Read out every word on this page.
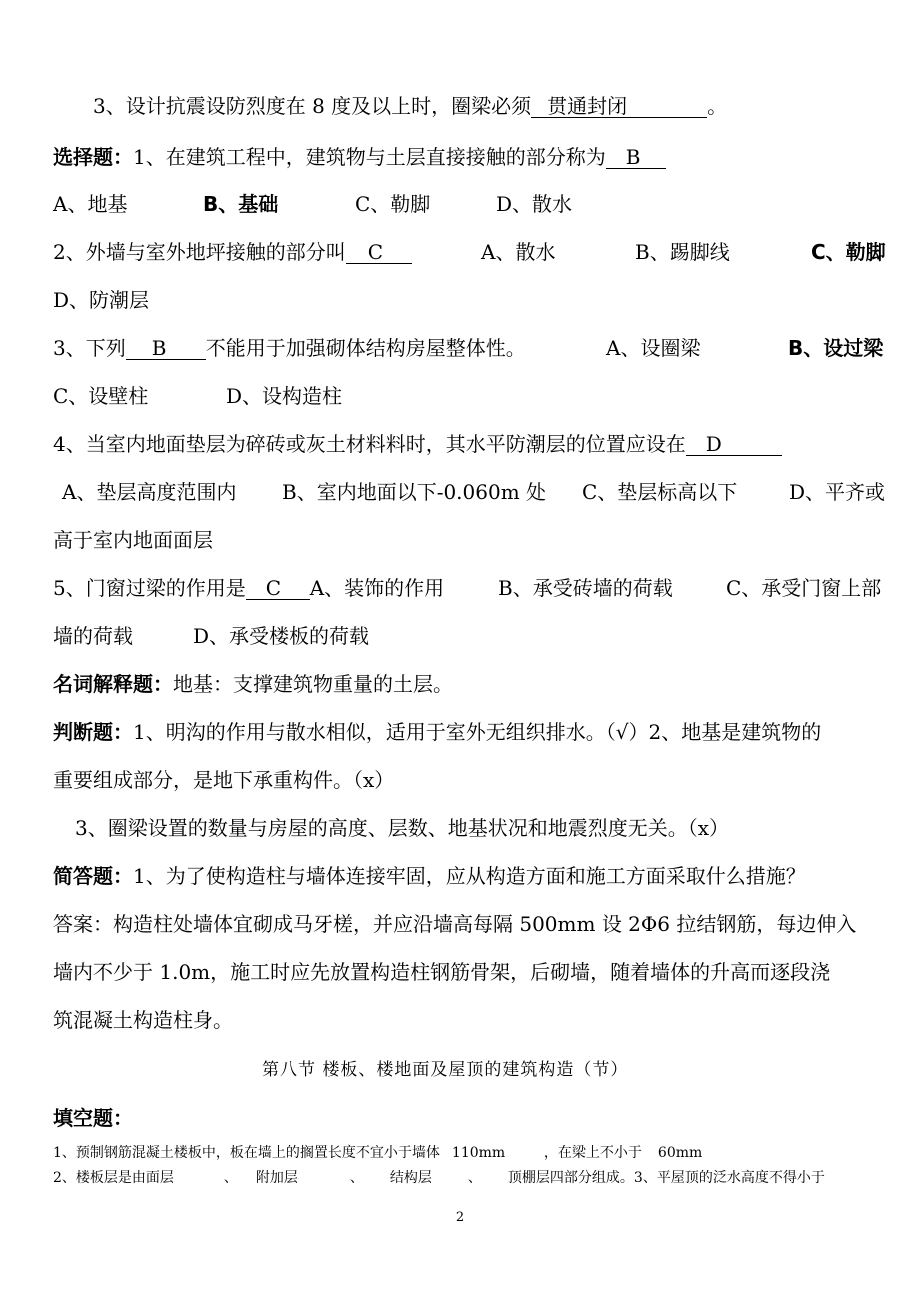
3、设计抗震设防烈度在 8 度及以上时，圈梁必须 贯通封闭	。
选择题：1、在建筑工程中，建筑物与土层直接接触的部分称为 B
A、地基	B、基础	C、勒脚	D、散水
2、外墙与室外地坪接触的部分叫 C	A、散水	B、踢脚线	C、勒脚
D、防潮层
3、下列 B 不能用于加强砌体结构房屋整体性。	A、设圈梁	B、设过梁
C、设壁柱	D、设构造柱
4、当室内地面垫层为碎砖或灰土材料料时，其水平防潮层的位置应设在 D
A、垫层高度范围内 B、室内地面以下-0.060m 处 C、垫层标高以下	D、平齐或
高于室内地面面层
5、门窗过梁的作用是 C A、装饰的作用	B、承受砖墙的荷载	C、承受门窗上部
墙的荷载	D、承受楼板的荷载
名词解释题：地基：支撑建筑物重量的土层。
判断题：1、明沟的作用与散水相似，适用于室外无组织排水。（√）2、地基是建筑物的
重要组成部分，是地下承重构件。（x）
3、圈梁设置的数量与房屋的高度、层数、地基状况和地震烈度无关。（x）
简答题：1、为了使构造柱与墙体连接牢固，应从构造方面和施工方面采取什么措施？
答案：构造柱处墙体宜砌成马牙槎，并应沿墙高每隔 500mm 设 2Φ6 拉结钢筋，每边伸入
墙内不少于 1.0m，施工时应先放置构造柱钢筋骨架，后砌墙，随着墙体的升高而逐段浇
筑混凝土构造柱身。
第八节 楼板、楼地面及屋顶的建筑构造（节）
填空题：
1、预制钢筋混凝土楼板中，板在墙上的搁置长度不宜小于墙体 110mm	，在梁上不小于 60mm
2、楼板层是由面层	、 附加层	、 结构层	、 顶棚层四部分组成。3、平屋顶的泛水高度不得小于
2
